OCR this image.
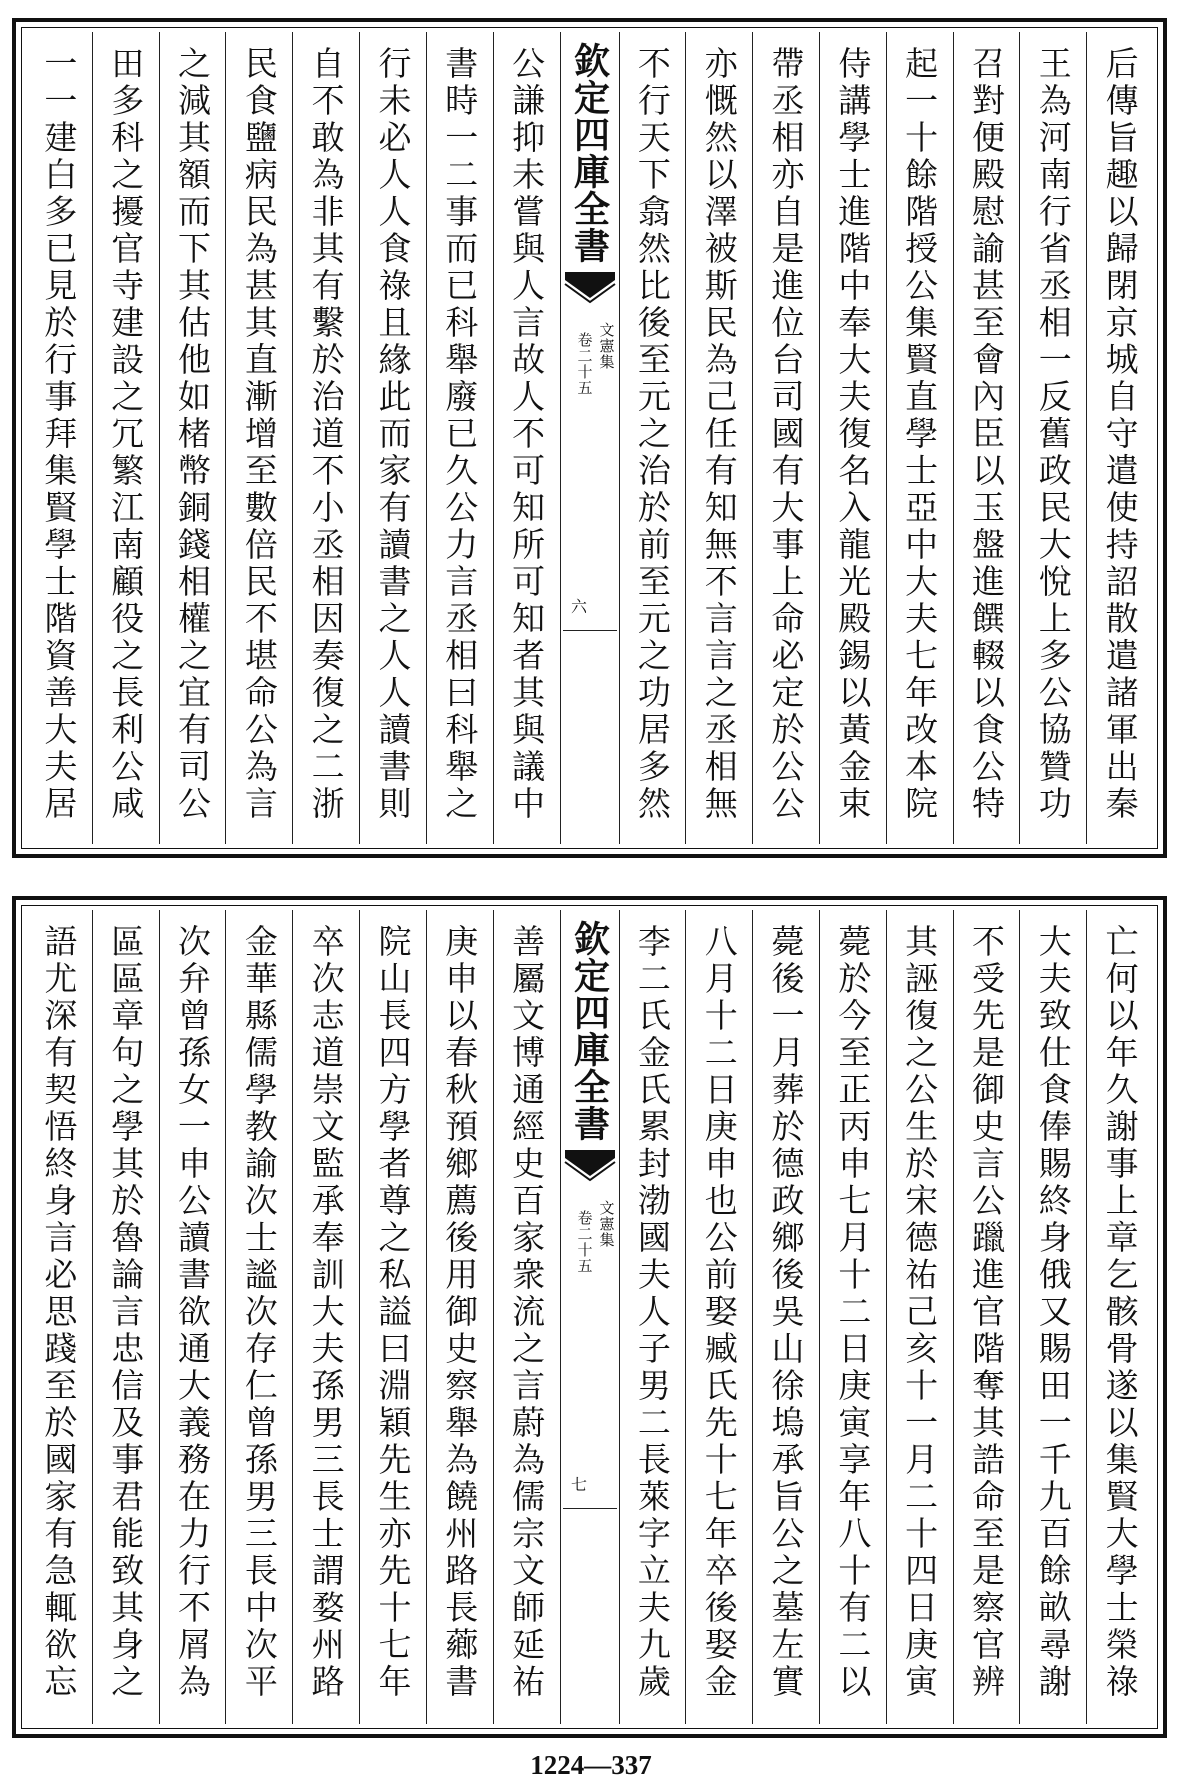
后傳旨趣以歸閉京城自守遣使持詔散遣諸軍出秦
王為河南行省丞相一反舊政民大悅上多公協贊功
召對便殿慰諭甚至會內臣以玉盤進饌輟以食公特
起一十餘階授公集賢直學士亞中大夫七年改本院
侍講學士進階中奉大夫復名入龍光殿錫以黃金束
帶丞相亦自是進位台司國有大事上命必定於公公
亦慨然以澤被斯民為己任有知無不言言之丞相無
不行天下翕然比後至元之治於前至元之功居多然
欽定四庫全書
文憲集
卷二十五
六
公謙抑未嘗與人言故人不可知所可知者其與議中
書時一二事而已科舉廢已久公力言丞相曰科舉之
行未必人人食祿且緣此而家有讀書之人人讀書則
自不敢為非其有繫於治道不小丞相因奏復之二浙
民食鹽病民為甚其直漸增至數倍民不堪命公為言
之減其額而下其估他如楮幣銅錢相權之宜有司公
田多科之擾官寺建設之冗繁江南顧役之長利公咸
一一建白多已見於行事拜集賢學士階資善大夫居
亡何以年久謝事上章乞骸骨遂以集賢大學士榮祿
大夫致仕食俸賜終身俄又賜田一千九百餘畝尋謝
不受先是御史言公躐進官階奪其誥命至是察官辨
其誣復之公生於宋德祐己亥十一月二十四日庚寅
薨於今至正丙申七月十二日庚寅享年八十有二以
薨後一月葬於德政鄉後吳山徐塢承旨公之墓左實
八月十二日庚申也公前娶臧氏先十七年卒後娶金
李二氏金氏累封渤國夫人子男二長萊字立夫九歲
欽定四庫全書
文憲集
卷二十五
七
善屬文博通經史百家衆流之言蔚為儒宗文師延祐
庚申以春秋預鄉薦後用御史察舉為饒州路長薌書
院山長四方學者尊之私謚曰淵穎先生亦先十七年
卒次志道崇文監承奉訓大夫孫男三長士謂婺州路
金華縣儒學教諭次士謐次存仁曾孫男三長中次平
次弁曾孫女一申公讀書欲通大義務在力行不屑為
區區章句之學其於魯論言忠信及事君能致其身之
語尤深有契悟終身言必思踐至於國家有急輒欲忘
1224—337
